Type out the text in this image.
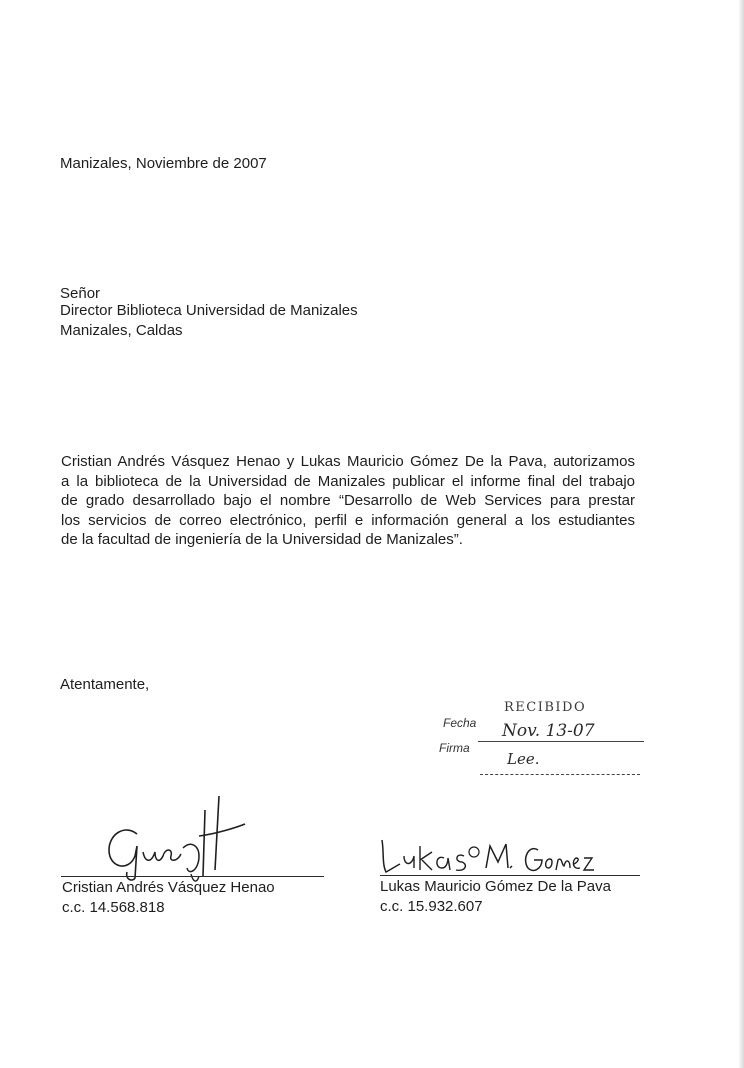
Manizales, Noviembre de 2007
Señor
Director Biblioteca Universidad de Manizales
Manizales, Caldas
Cristian Andrés Vásquez Henao y Lukas Mauricio Gómez De la Pava, autorizamos
a la biblioteca de la Universidad de Manizales publicar el informe final del trabajo
de grado desarrollado bajo el nombre “Desarrollo de Web Services para prestar
los servicios de correo electrónico, perfil e información general a los estudiantes
de la facultad de ingeniería de la Universidad de Manizales”.
Atentamente,
RECIBIDO
Fecha
Firma
Nov. 13-07
Lee.
Cristian Andrés Vásquez Henao
c.c. 14.568.818
Lukas Mauricio Gómez De la Pava
c.c. 15.932.607
